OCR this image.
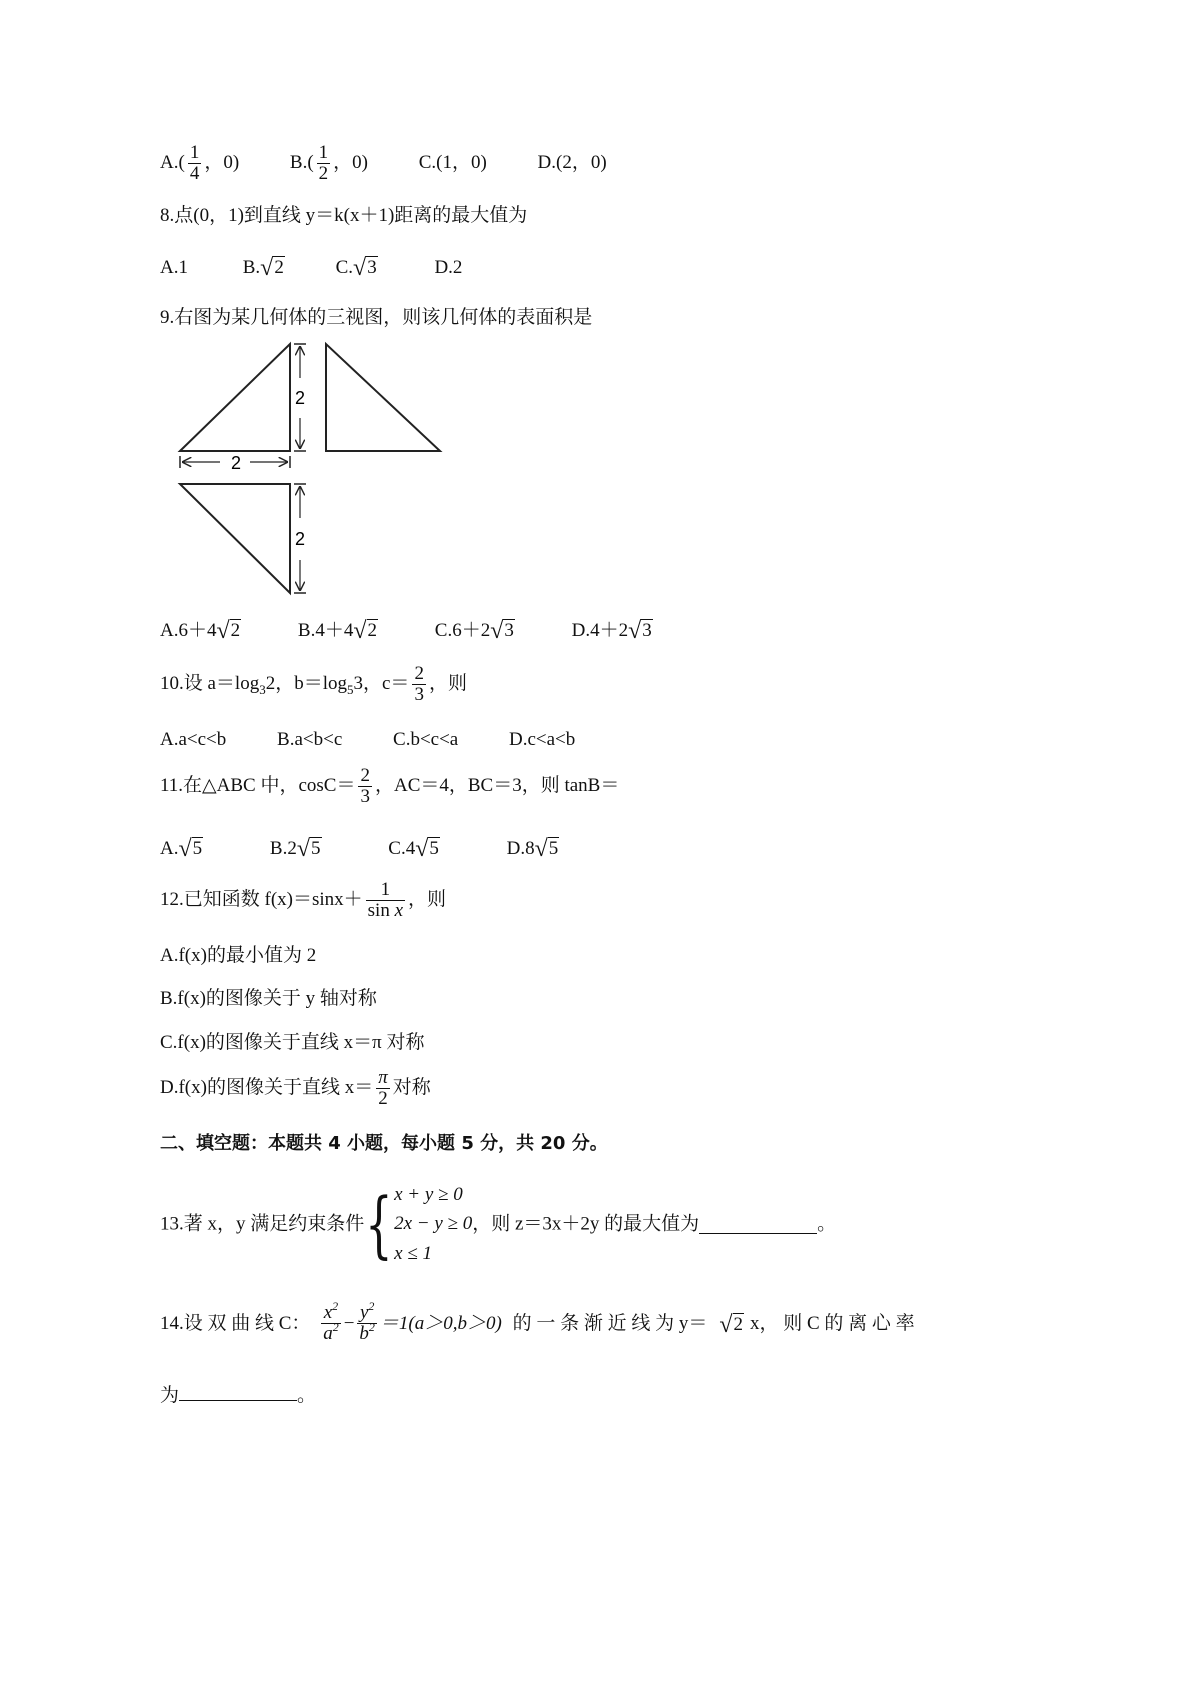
$A.( \frac{1}{4}$ ，0)	$B.( \frac{1}{2}$ ，0)	C.(1，0)	D.(2，0)
8.点(0，1)到直线 y＝k(x＋1)距离的最大值为
A.1	B.√2	C.√3	D.2
9.右图为某几何体的三视图，则该几何体的表面积是
2
2
2
A.6＋4√2	B.4＋4√2	C.6＋2√3	D.4＋2√3
10.设 $a=\log_32$，$b=\log_53$，$c= \frac{2}{3}$ ，则
A.a<c<b	B.a<b<c	C.b<c<a	D.c<a<b
11.在△ABC 中，$\cos C= \frac{2}{3}$ ，AC＝4，BC＝3，则 tanB＝
A.√5	B.2√5	C.4√5	D.8√5
12.已知函数 $f(x)=\sin x+ \frac{1}{\text{sin x}}$ ，则
A.f(x)的最小值为 2
B.f(x)的图像关于 y 轴对称
C.f(x)的图像关于直线 x＝π 对称
D.f(x)的图像关于直线 $x= \frac{\pi}{2}$ 对称
二、填空题：本题共 4 小题，每小题 5 分，共 20 分。
13.著 x，y 满足约束条件{ x + y ≥ 0
2x − y ≥ 0
x ≤ 1
，则 z＝3x＋2y 的最大值为	。
14.设 双 曲 线 C： $\frac{x^2}{a^2} - \frac{y^2}{b^2} =1(a>0,b>0)$ 的 一 条 渐 近 线 为 y＝ √2 x， 则 C 的 离 心 率
为	。
